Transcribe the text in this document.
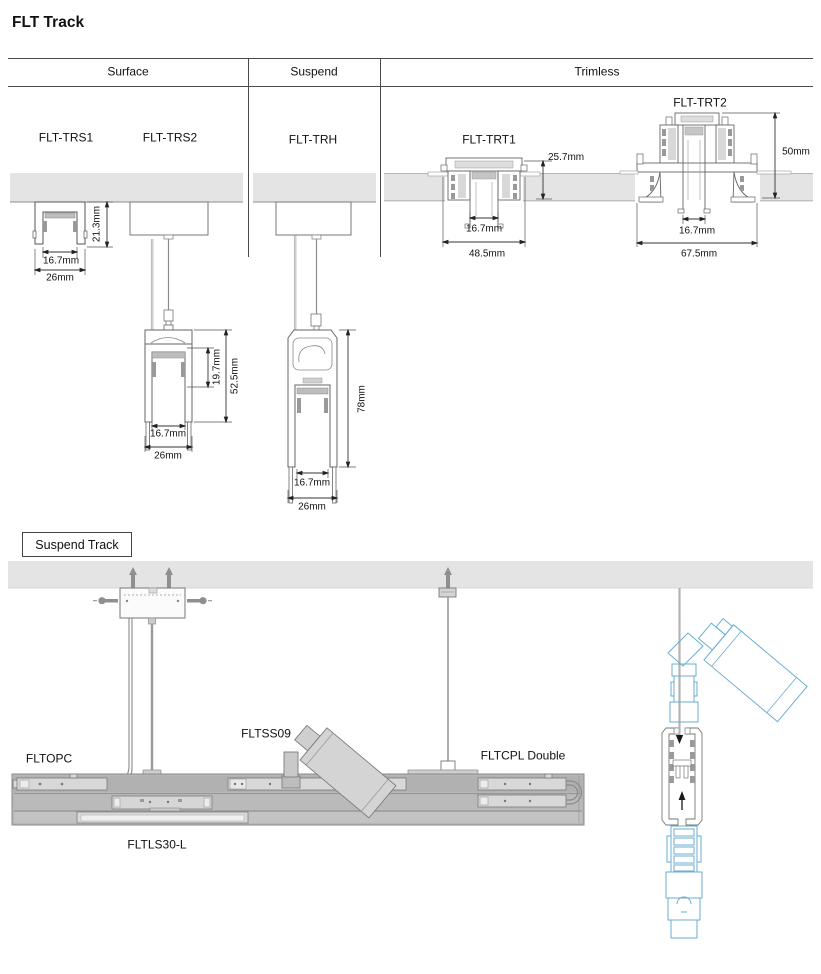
FLT Track
Surface	Suspend	Trimless
FLT-TRS1	FLT-TRS2	FLT-TRH	FLT-TRT1
FLT-TRT2
21.3mm
16.7mm
26mm
19.7mm 52.5mm
16.7mm
26mm
78mm
16.7mm
26mm
25.7mm
16.7mm
48.5mm
50mm
16.7mm
67.5mm
Suspend Track
FLTOPC
FLTSS09
FLTCPL Double
FLTLS30-L
